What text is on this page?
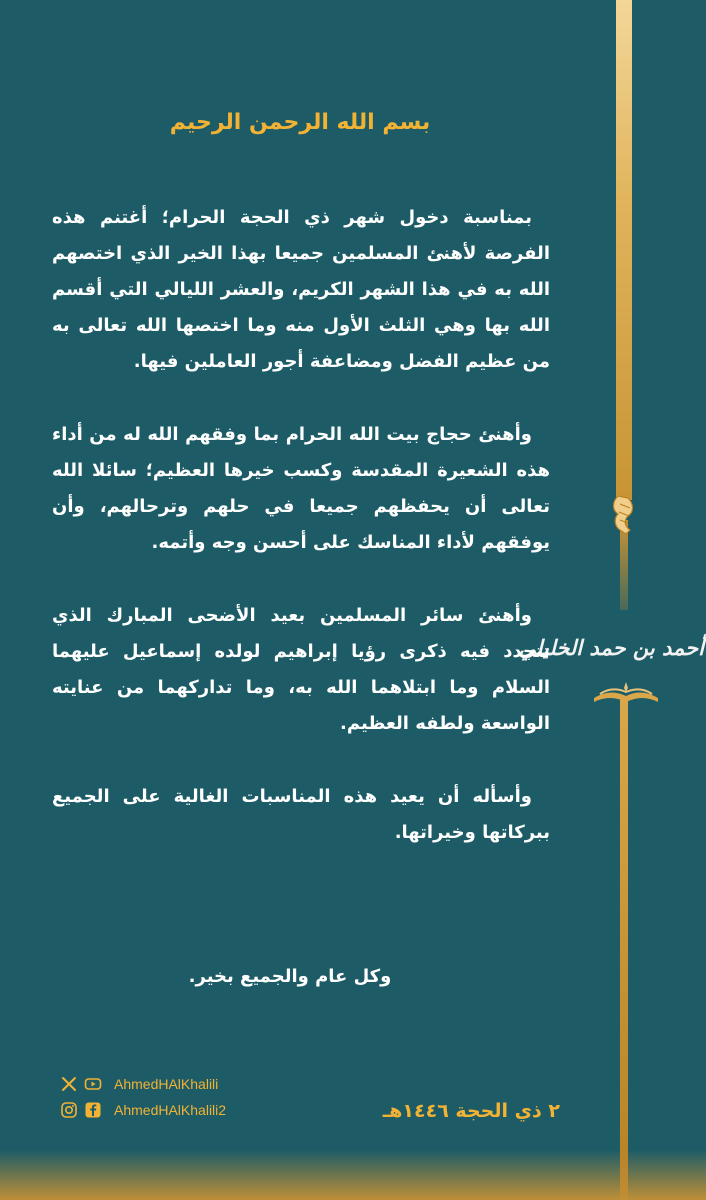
أحمد بن حمد الخليلي
بسم الله الرحمن الرحيم

بمناسبة دخول شهر ذي الحجة الحرام؛ أغتنم هذه الفرصة لأهنئ المسلمين جميعا بهذا الخير الذي اختصهم الله به في هذا الشهر الكريم، والعشر الليالي التي أقسم الله بها وهي الثلث الأول منه وما اختصها الله تعالى به من عظيم الفضل ومضاعفة أجور العاملين فيها.

وأهنئ حجاج بيت الله الحرام بما وفقهم الله له من أداء هذه الشعيرة المقدسة وكسب خيرها العظيم؛ سائلا الله تعالى أن يحفظهم جميعا في حلهم وترحالهم، وأن يوفقهم لأداء المناسك على أحسن وجه وأتمه.

وأهنئ سائر المسلمين بعيد الأضحى المبارك الذي تتجدد فيه ذكرى رؤيا إبراهيم لولده إسماعيل عليهما السلام وما ابتلاهما الله به، وما تداركهما من عنايته الواسعة ولطفه العظيم.

وأسأله أن يعيد هذه المناسبات الغالية على الجميع ببركاتها وخيراتها.

وكل عام والجميع بخير.
٢ ذي الحجة ١٤٤٦هـ
AhmedHAlKhalili
AhmedHAlKhalili2
